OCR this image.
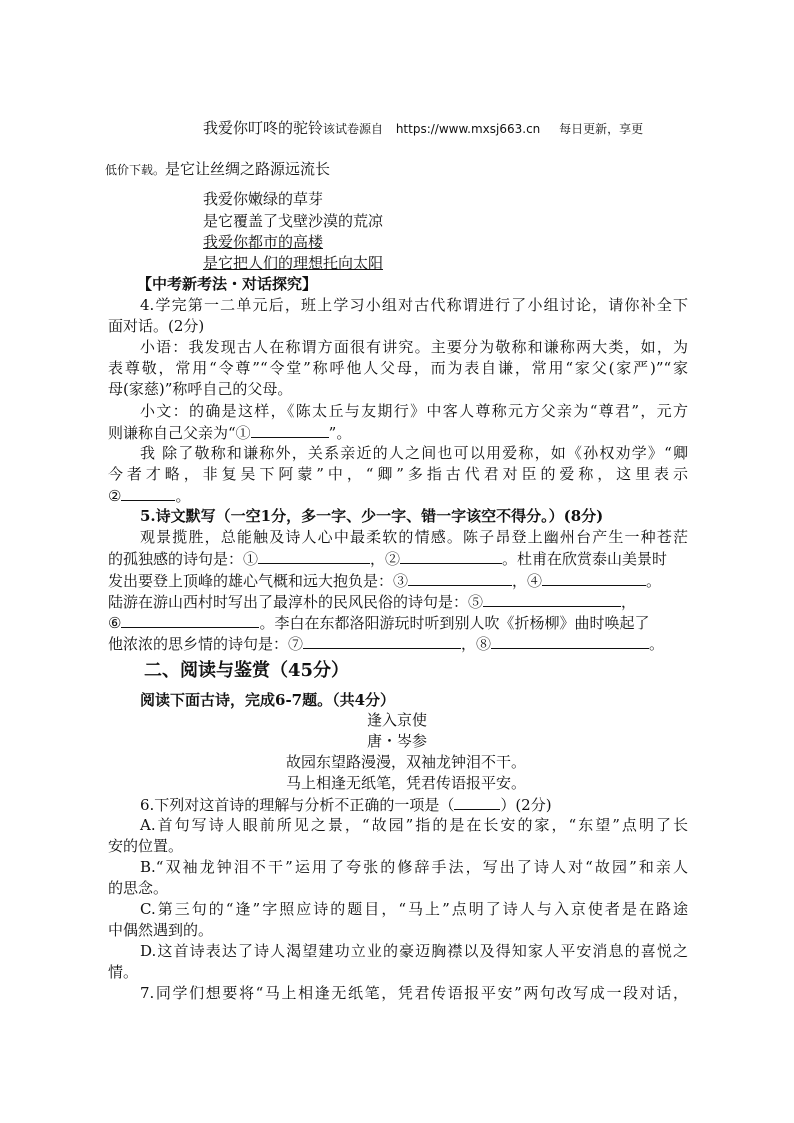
我爱你叮咚的驼铃该试卷源自 https://www.mxsj663.cn 每日更新，享更
低价下载。是它让丝绸之路源远流长
我爱你嫩绿的草芽
是它覆盖了戈壁沙漠的荒凉
我爱你都市的高楼
是它把人们的理想托向太阳
【中考新考法・对话探究】
4.学完第一二单元后，班上学习小组对古代称谓进行了小组讨论，请你补全下
面对话。(2分)
小语：我发现古人在称谓方面很有讲究。主要分为敬称和谦称两大类，如，为
表尊敬，常用“令尊”“令堂”称呼他人父母，而为表自谦，常用“家父(家严)”“家
母(家慈)”称呼自己的父母。
小文：的确是这样，《陈太丘与友期行》中客人尊称元方父亲为“尊君”，元方
则谦称自己父亲为“①	”。
我 除了敬称和谦称外，关系亲近的人之间也可以用爱称，如《孙权劝学》“卿
今者才略，非复吴下阿蒙”中，“卿”多指古代君对臣的爱称，这里表示
②	。
5.诗文默写（一空1分，多一字、少一字、错一字该空不得分。）(8分)
观景揽胜，总能触及诗人心中最柔软的情感。陈子昂登上幽州台产生一种苍茫
的孤独感的诗句是：①	，②	。杜甫在欣赏泰山美景时
发出要登上顶峰的雄心气概和远大抱负是：③	，④	。
陆游在游山西村时写出了最淳朴的民风民俗的诗句是：⑤	，
⑥	。李白在东都洛阳游玩时听到别人吹《折杨柳》曲时唤起了
他浓浓的思乡情的诗句是：⑦	，⑧	。
二、阅读与鉴赏（45分）
阅读下面古诗，完成6-7题。（共4分）
逢入京使
唐・岑参
故园东望路漫漫，双袖龙钟泪不干。
马上相逢无纸笔，凭君传语报平安。
6.下列对这首诗的理解与分析不正确的一项是（	）(2分)
A.首句写诗人眼前所见之景，“故园”指的是在长安的家，“东望”点明了长
安的位置。
B.“双袖龙钟泪不干”运用了夸张的修辞手法，写出了诗人对“故园”和亲人
的思念。
C.第三句的“逢”字照应诗的题目，“马上”点明了诗人与入京使者是在路途
中偶然遇到的。
D.这首诗表达了诗人渴望建功立业的豪迈胸襟以及得知家人平安消息的喜悦之
情。
7.同学们想要将“马上相逢无纸笔，凭君传语报平安”两句改写成一段对话，
